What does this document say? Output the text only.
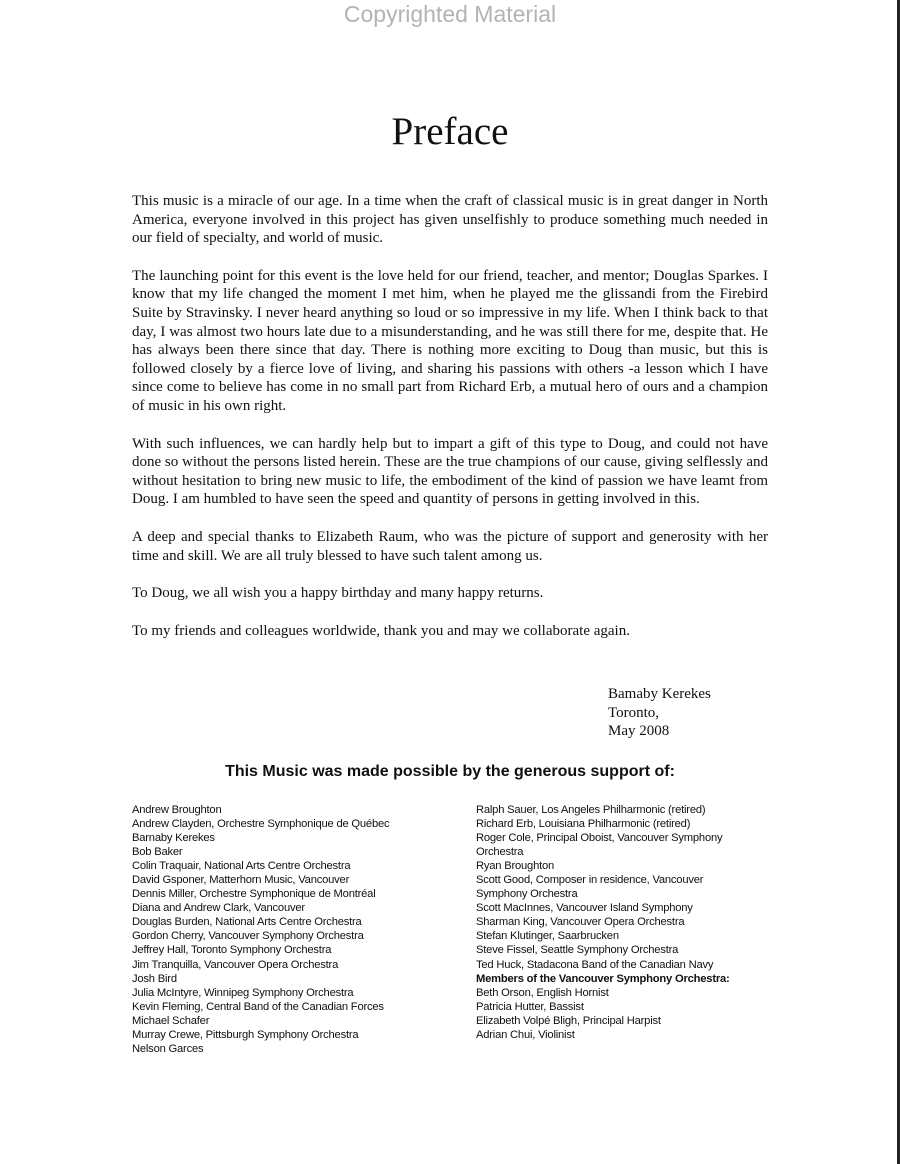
Copyrighted Material
Preface

This music is a miracle of our age. In a time when the craft of classical music is in great danger in North America, everyone involved in this project has given unselfishly to produce something much needed in our field of specialty, and world of music.

The launching point for this event is the love held for our friend, teacher, and mentor; Douglas Sparkes. I know that my life changed the moment I met him, when he played me the glissandi from the Firebird Suite by Stravinsky. I never heard anything so loud or so impressive in my life. When I think back to that day, I was almost two hours late due to a misunderstanding, and he was still there for me, despite that. He has always been there since that day. There is nothing more exciting to Doug than music, but this is followed closely by a fierce love of living, and sharing his passions with others -a lesson which I have since come to believe has come in no small part from Richard Erb, a mutual hero of ours and a champion of music in his own right.

With such influences, we can hardly help but to impart a gift of this type to Doug, and could not have done so without the persons listed herein. These are the true champions of our cause, giving selflessly and without hesitation to bring new music to life, the embodiment of the kind of passion we have leamt from Doug. I am humbled to have seen the speed and quantity of persons in getting involved in this.

A deep and special thanks to Elizabeth Raum, who was the picture of support and generosity with her time and skill. We are all truly blessed to have such talent among us.

To Doug, we all wish you a happy birthday and many happy returns.

To my friends and colleagues worldwide, thank you and may we collaborate again.

Bamaby Kerekes
Toronto,
May 2008
This Music was made possible by the generous support of:
Andrew Broughton
Andrew Clayden, Orchestre Symphonique de Québec
Barnaby Kerekes
Bob Baker
Colin Traquair, National Arts Centre Orchestra
David Gsponer, Matterhorn Music, Vancouver
Dennis Miller, Orchestre Symphonique de Montréal
Diana and Andrew Clark, Vancouver
Douglas Burden, National Arts Centre Orchestra
Gordon Cherry, Vancouver Symphony Orchestra
Jeffrey Hall, Toronto Symphony Orchestra
Jim Tranquilla, Vancouver Opera Orchestra
Josh Bird
Julia McIntyre, Winnipeg Symphony Orchestra
Kevin Fleming, Central Band of the Canadian Forces
Michael Schafer
Murray Crewe, Pittsburgh Symphony Orchestra
Nelson Garces
Ralph Sauer, Los Angeles Philharmonic (retired)
Richard Erb, Louisiana Philharmonic (retired)
Roger Cole, Principal Oboist, Vancouver Symphony
Orchestra
Ryan Broughton
Scott Good, Composer in residence, Vancouver
Symphony Orchestra
Scott MacInnes, Vancouver Island Symphony
Sharman King, Vancouver Opera Orchestra
Stefan Klutinger, Saarbrucken
Steve Fissel, Seattle Symphony Orchestra
Ted Huck, Stadacona Band of the Canadian Navy
Members of the Vancouver Symphony Orchestra:
Beth Orson, English Hornist
Patricia Hutter, Bassist
Elizabeth Volpé Bligh, Principal Harpist
Adrian Chui, Violinist
